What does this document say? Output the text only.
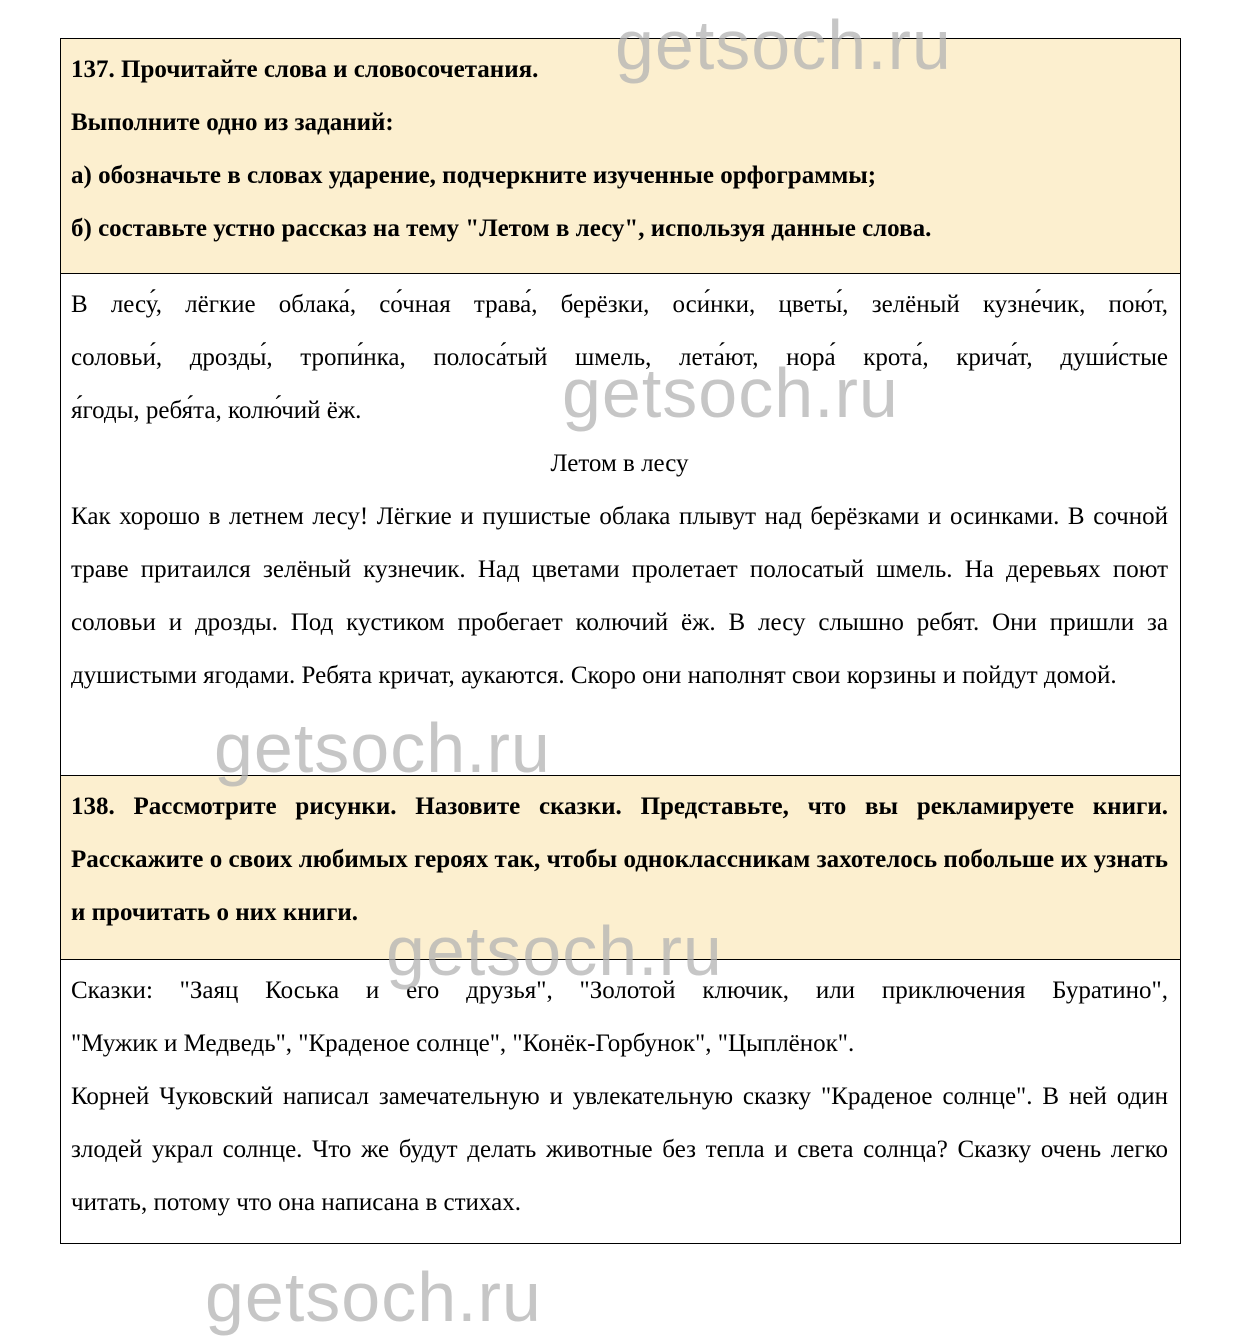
137. Прочитайте слова и словосочетания.

Выполните одно из заданий:

а) обозначьте в словах ударение, подчеркните изученные орфограммы;

б) составьте устно рассказ на тему "Летом в лесу", используя данные слова.

В лесу́, лёгкие облака́, со́чная трава́, берёзки, оси́нки, цветы́, зелёный кузне́чик, пою́т,

соловьи́, дрозды́, тропи́нка, полоса́тый шмель, лета́ют, нора́ крота́, крича́т, души́стые

я́годы, ребя́та, колю́чий ёж.

Летом в лесу

Как хорошо в летнем лесу! Лёгкие и пушистые облака плывут над берёзками и осинками. В сочной траве притаился зелёный кузнечик. Над цветами пролетает полосатый шмель. На деревьях поют соловьи и дрозды. Под кустиком пробегает колючий ёж. В лесу слышно ребят. Они пришли за душистыми ягодами. Ребята кричат, аукаются. Скоро они наполнят свои корзины и пойдут домой.

138. Рассмотрите рисунки. Назовите сказки. Представьте, что вы рекламируете книги. Расскажите о своих любимых героях так, чтобы одноклассникам захотелось побольше их узнать и прочитать о них книги.

Сказки: "Заяц Коська и его друзья", "Золотой ключик, или приключения Буратино",

"Мужик и Медведь", "Краденое солнце", "Конёк-Горбунок", "Цыплёнок".

Корней Чуковский написал замечательную и увлекательную сказку "Краденое солнце". В ней один злодей украл солнце. Что же будут делать животные без тепла и света солнца? Сказку очень легко читать, потому что она написана в стихах.

getsoch.ru
getsoch.ru
getsoch.ru
getsoch.ru
getsoch.ru
